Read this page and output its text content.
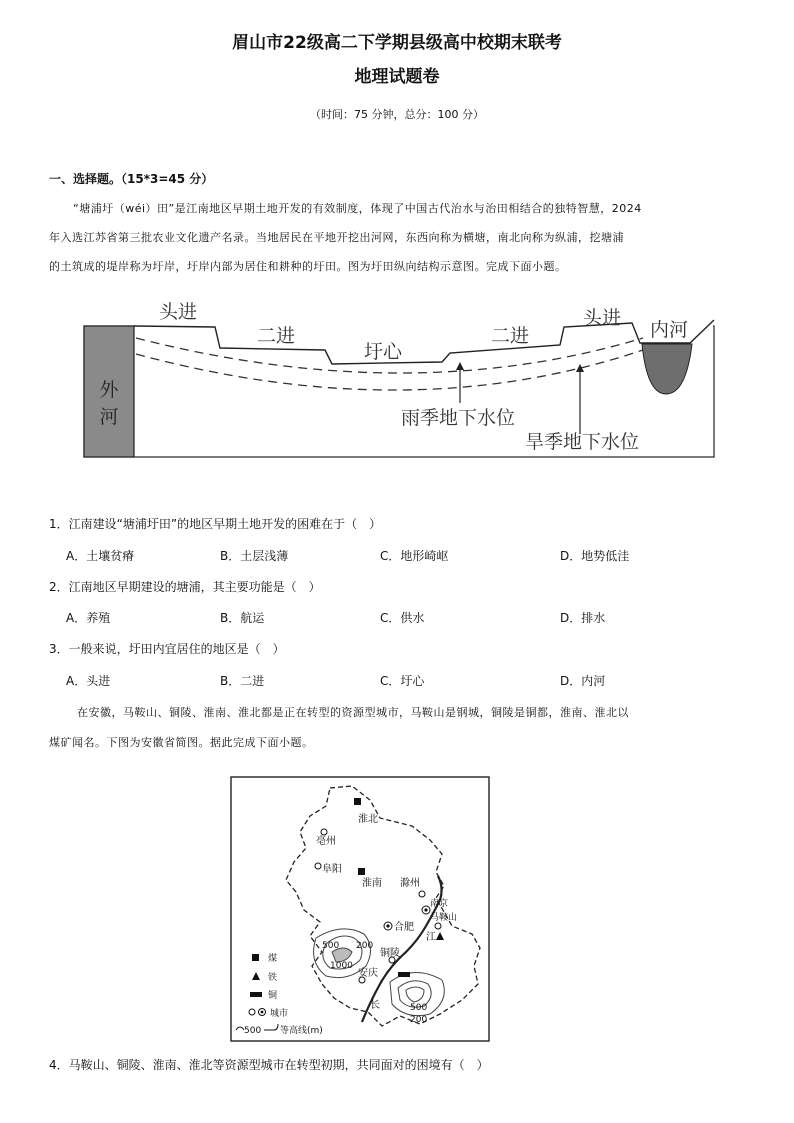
眉山市22级高二下学期县级高中校期末联考
地理试题卷
（时间：75 分钟，总分：100 分）
一、选择题。（15*3=45 分）
“塘浦圩（wéi）田”是江南地区早期土地开发的有效制度，体现了中国古代治水与治田相结合的独特智慧，2024
年入选江苏省第三批农业文化遗产名录。当地居民在平地开挖出河网，东西向称为横塘，南北向称为纵浦，挖塘浦
的土筑成的堤岸称为圩岸，圩岸内部为居住和耕种的圩田。图为圩田纵向结构示意图。完成下面小题。
外
河
头进
二进
圩心
二进
头进
内河
雨季地下水位
旱季地下水位
1．江南建设“塘浦圩田”的地区早期土地开发的困难在于（　）
A．土壤贫瘠	B．土层浅薄	C．地形崎岖	D．地势低洼
2．江南地区早期建设的塘浦，其主要功能是（　）
A．养殖	B．航运	C．供水	D．排水
3．一般来说，圩田内宜居住的地区是（　）
A．头进	B．二进	C．圩心	D．内河
在安徽，马鞍山、铜陵、淮南、淮北都是正在转型的资源型城市，马鞍山是钢城，铜陵是铜都，淮南、淮北以
煤矿闻名。下图为安徽省简图。据此完成下面小题。
淮北
亳州
阜阳
淮南 滁州
南京
马鞍山
合肥
铜陵
安庆
江
长
500 200
1000
500
200
煤
铁
铜
城市
500 等高线(m)
4．马鞍山、铜陵、淮南、淮北等资源型城市在转型初期，共同面对的困境有（　）
